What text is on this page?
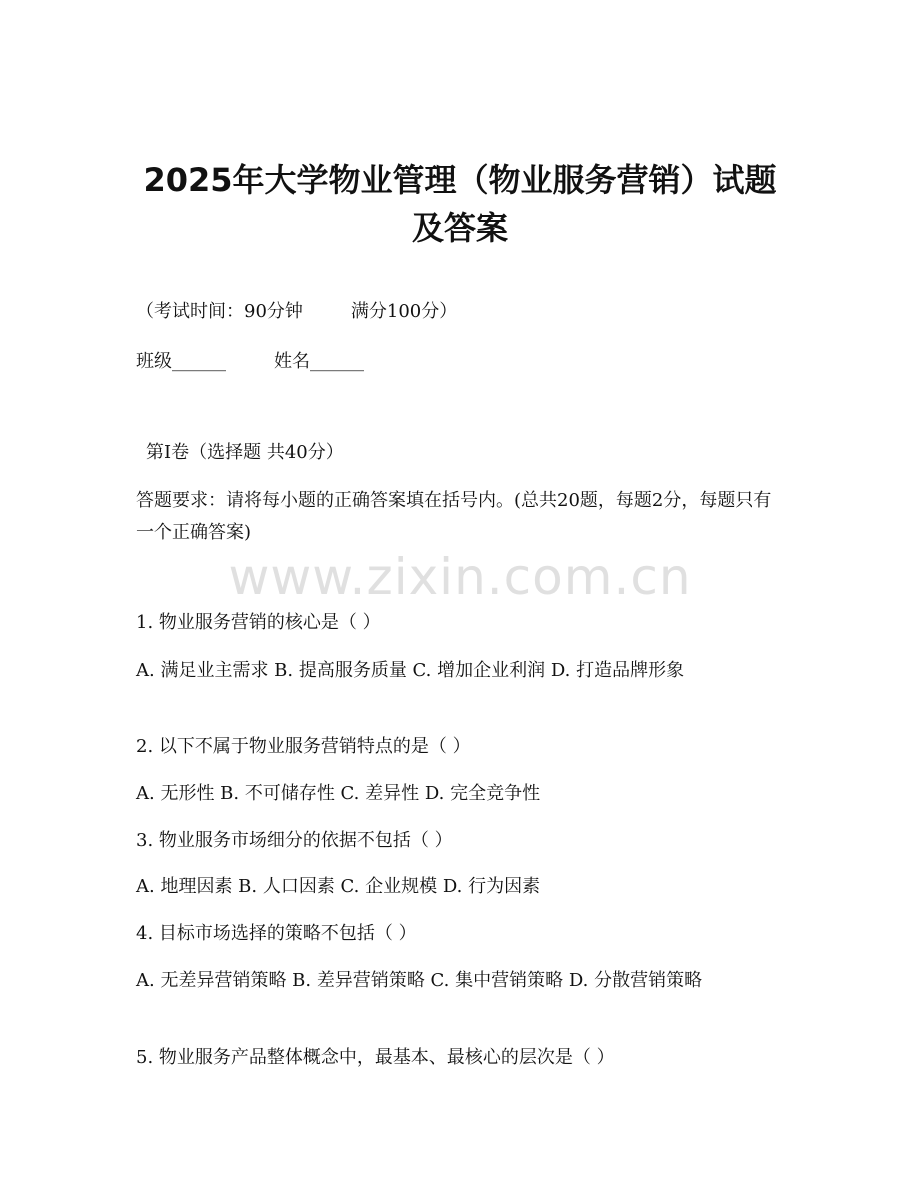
2025年大学物业管理（物业服务营销）试题
及答案
（考试时间：90分钟	满分100分）
班级______	姓名______
第I卷（选择题 共40分）
答题要求：请将每小题的正确答案填在括号内。(总共20题，每题2分，每题只有一个正确答案)
www.zixin.com.cn
1. 物业服务营销的核心是（ ）
A. 满足业主需求 B. 提高服务质量 C. 增加企业利润 D. 打造品牌形象
2. 以下不属于物业服务营销特点的是（ ）
A. 无形性 B. 不可储存性 C. 差异性 D. 完全竞争性
3. 物业服务市场细分的依据不包括（ ）
A. 地理因素 B. 人口因素 C. 企业规模 D. 行为因素
4. 目标市场选择的策略不包括（ ）
A. 无差异营销策略 B. 差异营销策略 C. 集中营销策略 D. 分散营销策略
5. 物业服务产品整体概念中，最基本、最核心的层次是（ ）
